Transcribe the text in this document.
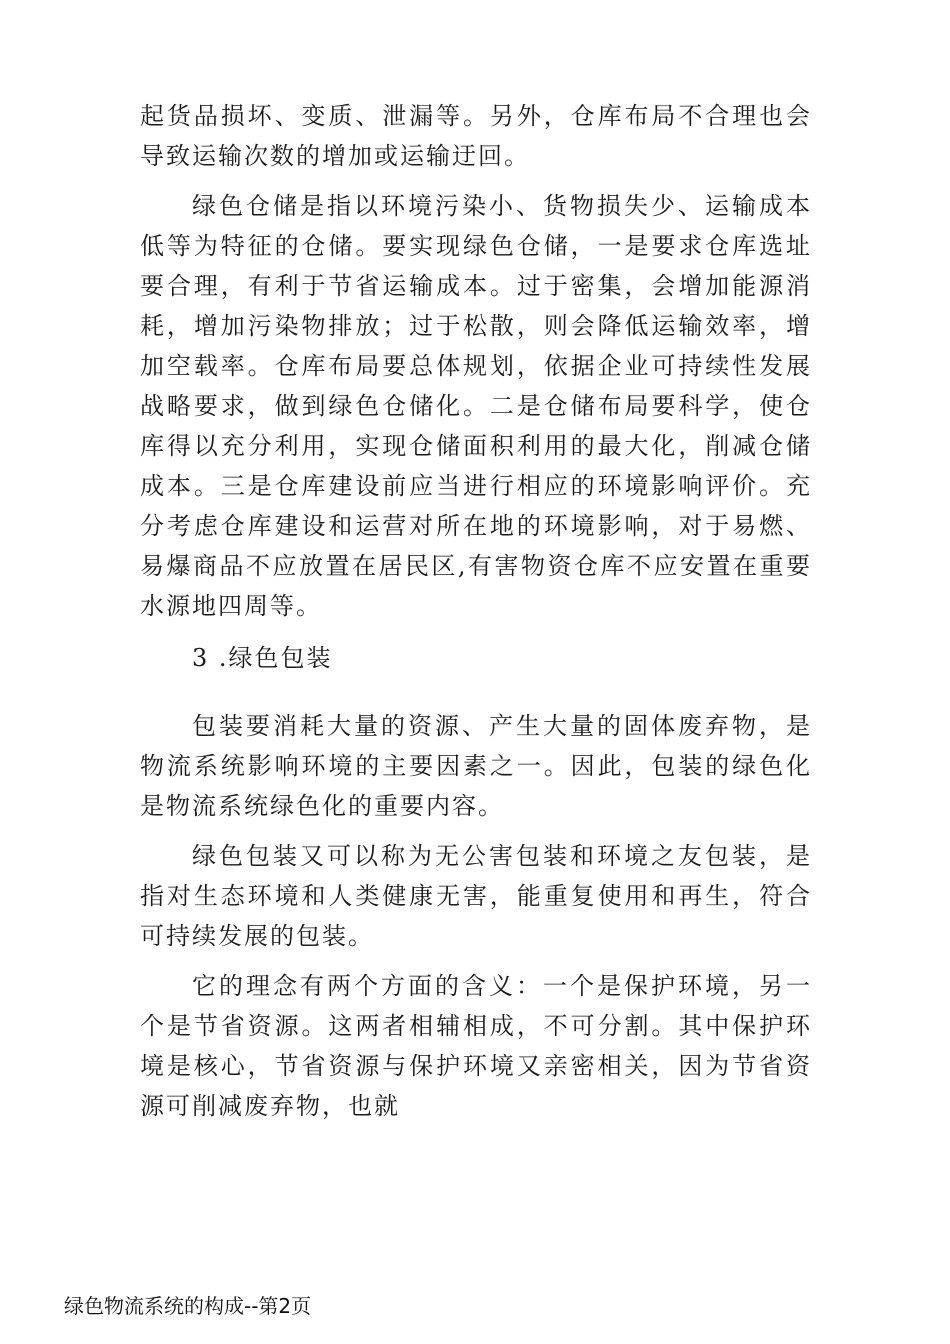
起货品损坏、变质、泄漏等。另外，仓库布局不合理也会导致运输次数的增加或运输迂回。

绿色仓储是指以环境污染小、货物损失少、运输成本低等为特征的仓储。要实现绿色仓储，一是要求仓库选址要合理，有利于节省运输成本。过于密集，会增加能源消耗，增加污染物排放；过于松散，则会降低运输效率，增加空载率。仓库布局要总体规划，依据企业可持续性发展战略要求，做到绿色仓储化。二是仓储布局要科学，使仓库得以充分利用，实现仓储面积利用的最大化，削减仓储成本。三是仓库建设前应当进行相应的环境影响评价。充分考虑仓库建设和运营对所在地的环境影响，对于易燃、易爆商品不应放置在居民区,有害物资仓库不应安置在重要水源地四周等。

3 .绿色包装

包装要消耗大量的资源、产生大量的固体废弃物，是物流系统影响环境的主要因素之一。因此，包装的绿色化是物流系统绿色化的重要内容。

绿色包装又可以称为无公害包装和环境之友包装，是指对生态环境和人类健康无害，能重复使用和再生，符合可持续发展的包装。

它的理念有两个方面的含义：一个是保护环境，另一个是节省资源。这两者相辅相成，不可分割。其中保护环境是核心，节省资源与保护环境又亲密相关，因为节省资源可削减废弃物，也就

绿色物流系统的构成--第2页
